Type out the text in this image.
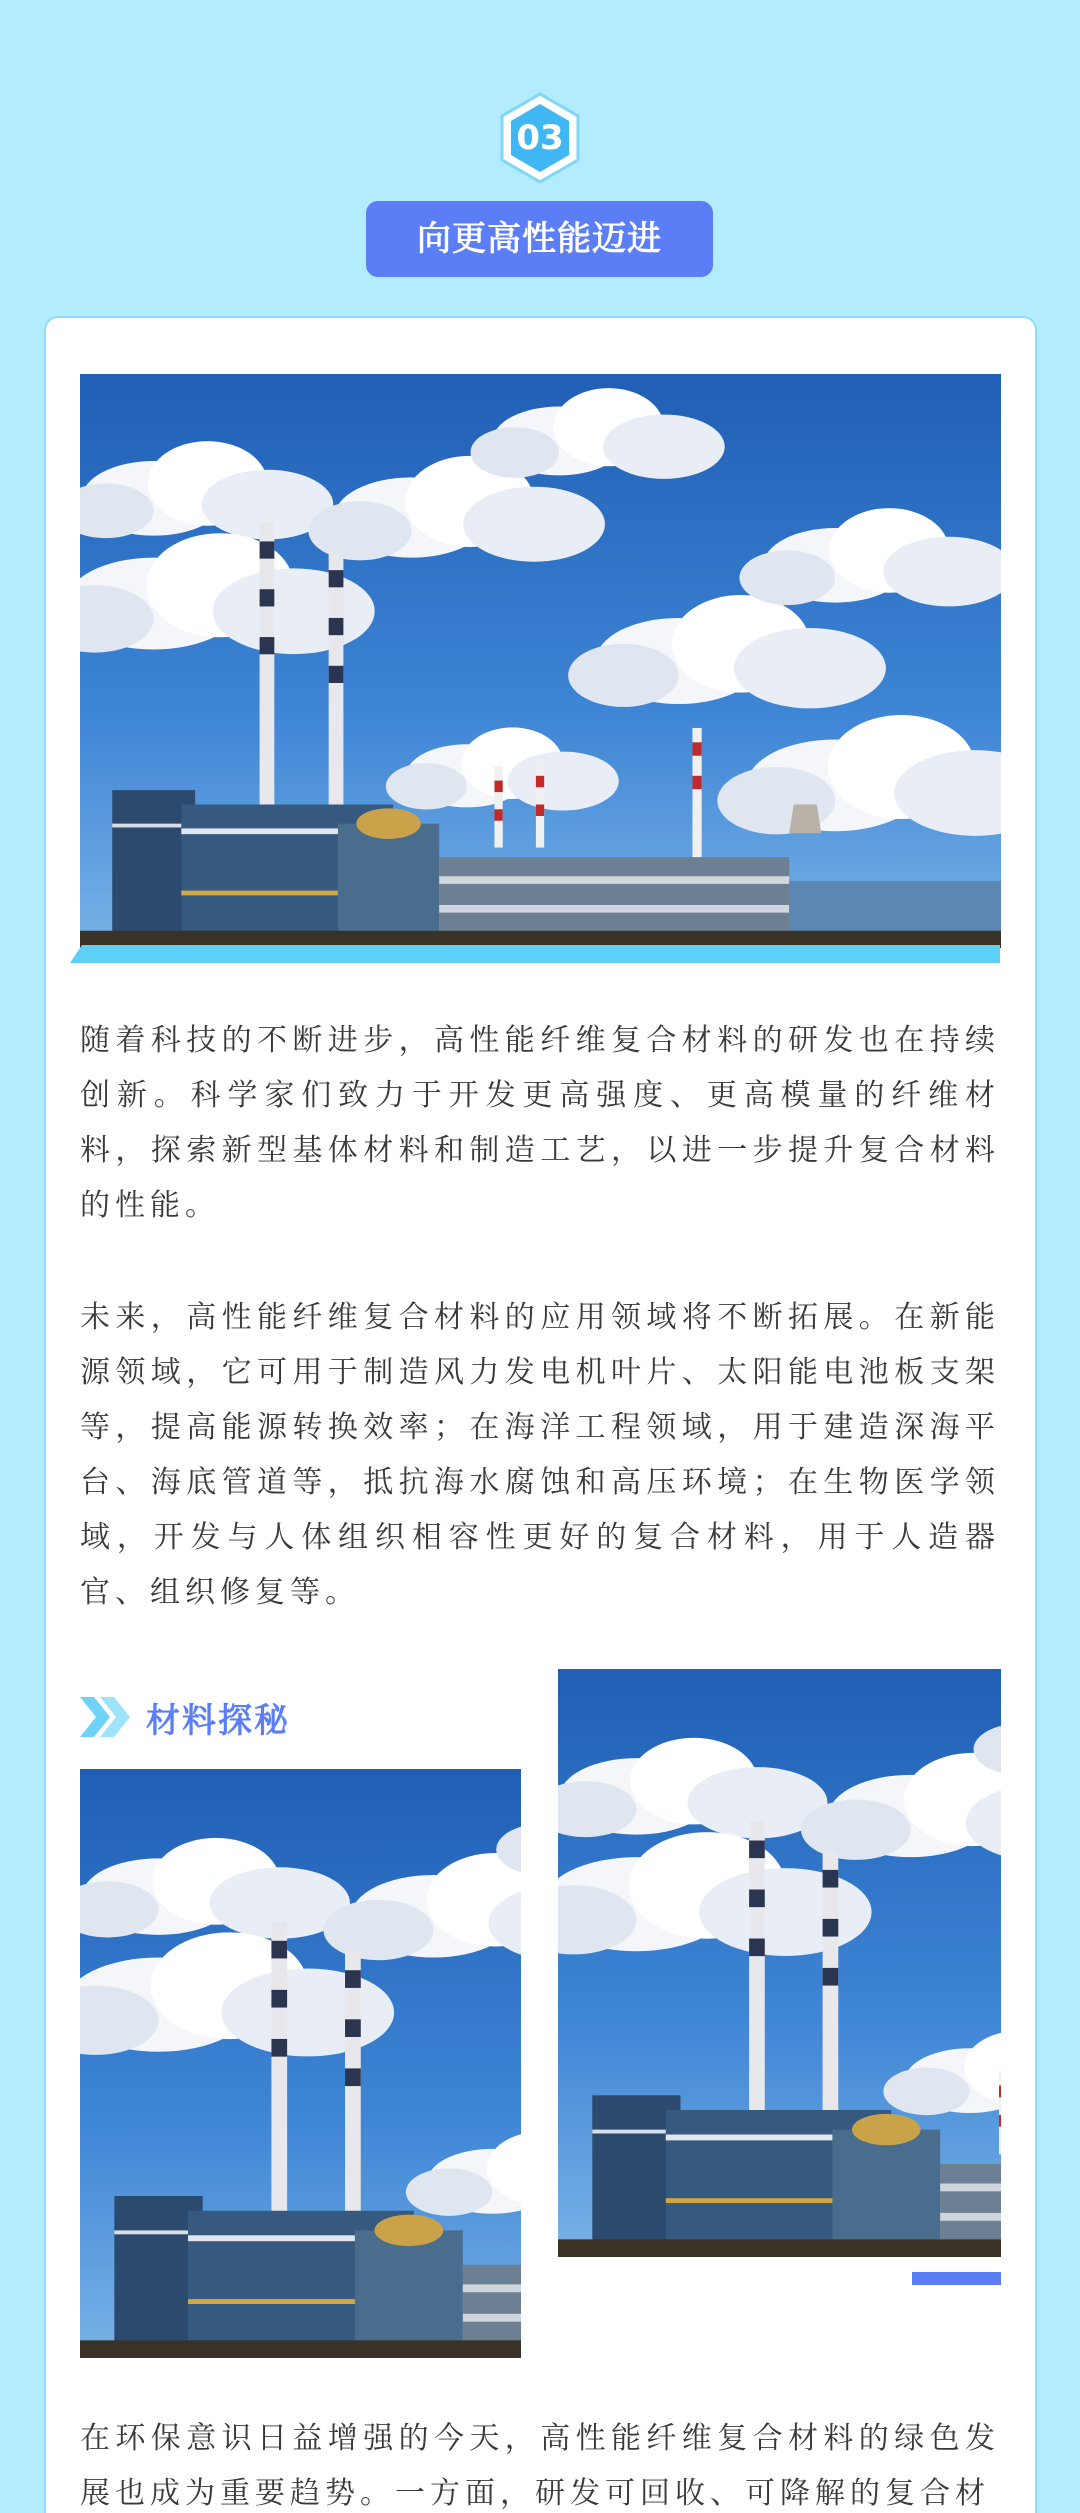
03
向更高性能迈进
随着科技的不断进步，高性能纤维复合材料的研发也在持续创新。科学家们致力于开发更高强度、更高模量的纤维材料，探索新型基体材料和制造工艺，以进一步提升复合材料的性能。
未来，高性能纤维复合材料的应用领域将不断拓展。在新能源领域，它可用于制造风力发电机叶片、太阳能电池板支架等，提高能源转换效率；在海洋工程领域，用于建造深海平台、海底管道等，抵抗海水腐蚀和高压环境；在生物医学领域，开发与人体组织相容性更好的复合材料，用于人造器官、组织修复等。
材料探秘
在环保意识日益增强的今天，高性能纤维复合材料的绿色发展也成为重要趋势。一方面，研发可回收、可降解的复合材
